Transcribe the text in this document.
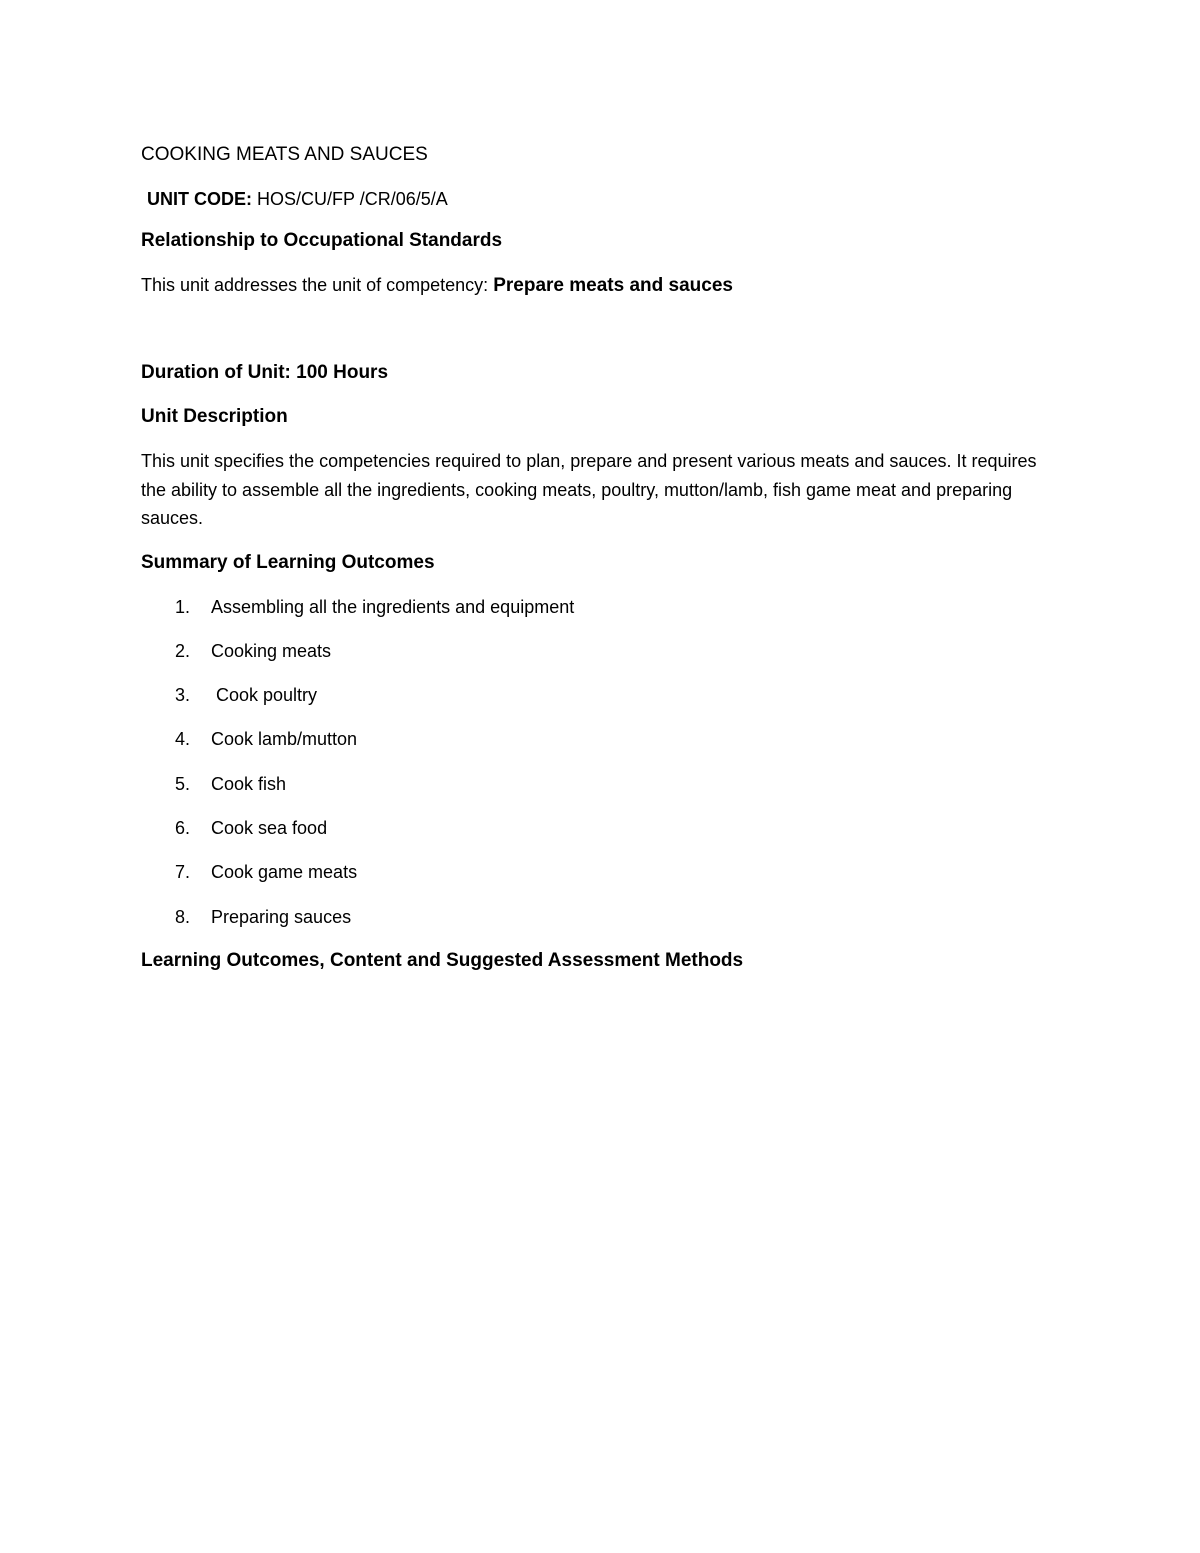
COOKING MEATS AND SAUCES

UNIT CODE: HOS/CU/FP /CR/06/5/A

Relationship to Occupational Standards

This unit addresses the unit of competency: Prepare meats and sauces

Duration of Unit: 100 Hours

Unit Description

This unit specifies the competencies required to plan, prepare and present various meats and sauces. It requires the ability to assemble all the ingredients, cooking meats, poultry, mutton/lamb, fish game meat and preparing sauces.

Summary of Learning Outcomes

1.	Assembling all the ingredients and equipment
2.	Cooking meats
3.	Cook poultry
4.	Cook lamb/mutton
5.	Cook fish
6.	Cook sea food
7.	Cook game meats
8.	Preparing sauces

Learning Outcomes, Content and Suggested Assessment Methods
